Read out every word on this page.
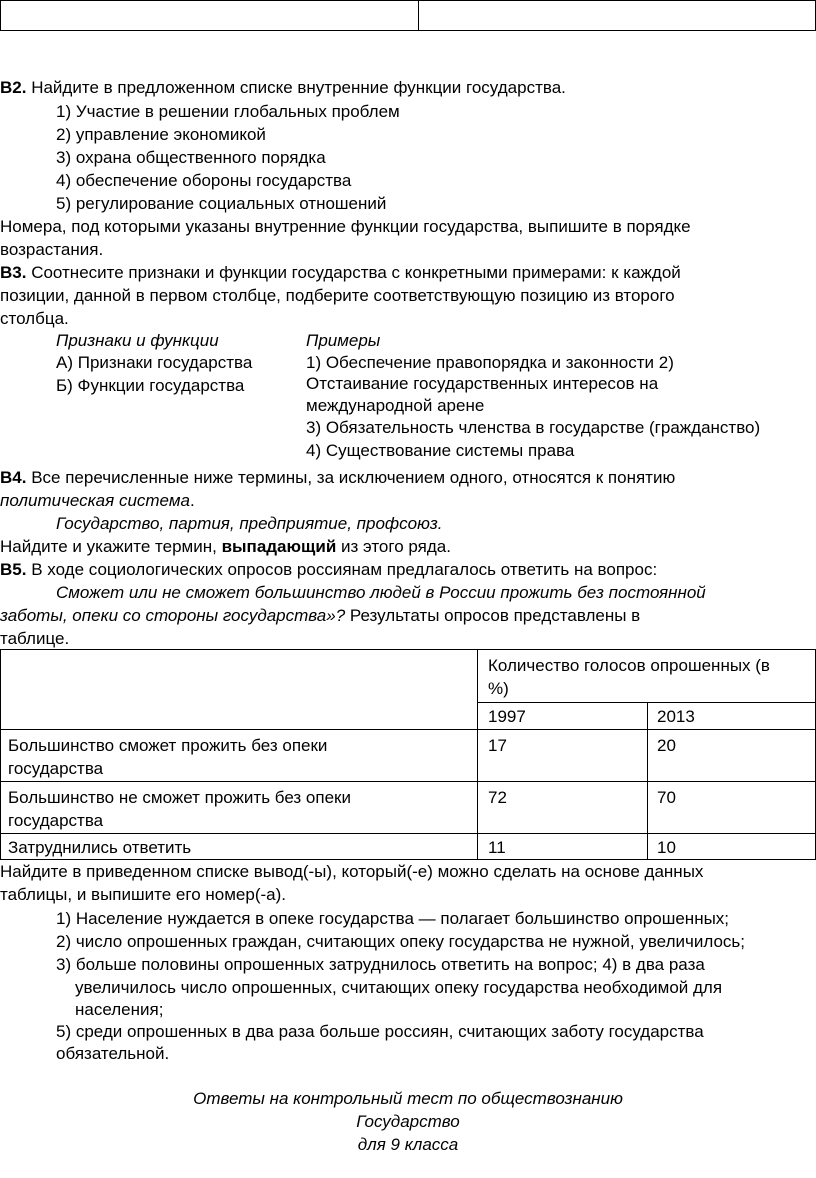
В2. Найдите в предложенном списке внутренние функции государства.
1) Участие в решении глобальных проблем
2) управление экономикой
3) охрана общественного порядка
4) обеспечение обороны государства
5) регулирование социальных отношений
Номера, под которыми указаны внутренние функции государства, выпишите в порядке
возрастания.
В3. Соотнесите признаки и функции государства с конкретными примерами: к каждой
позиции, данной в первом столбце, подберите соответствующую позицию из второго
столбца.
Признаки и функции	Примеры
А) Признаки государства
Б) Функции государства
1) Обеспечение правопорядка и законности 2)
Отстаивание государственных интересов на
международной арене
3) Обязательность членства в государстве (гражданство)
4) Существование системы права
В4. Все перечисленные ниже термины, за исключением одного, относятся к понятию
политическая система.
Государство, партия, предприятие, профсоюз.
Найдите и укажите термин, выпадающий из этого ряда.
В5. В ходе социологических опросов россиянам предлагалось ответить на вопрос:
Сможет или не сможет большинство людей в России прожить без постоянной
заботы, опеки со стороны государства»? Результаты опросов представлены в
таблице.
Количество голосов опрошенных (в
%)
1997	2013
Большинство сможет прожить без опеки
государства
17	20
Большинство не сможет прожить без опеки
государства
72	70
Затруднились ответить	11	10
Найдите в приведенном списке вывод(-ы), который(-е) можно сделать на основе данных
таблицы, и выпишите его номер(-а).
1) Население нуждается в опеке государства — полагает большинство опрошенных;
2) число опрошенных граждан, считающих опеку государства не нужной, увеличилось;
3) больше половины опрошенных затруднилось ответить на вопрос; 4) в два раза
увеличилось число опрошенных, считающих опеку государства необходимой для
населения;
5) среди опрошенных в два раза больше россиян, считающих заботу государства
обязательной.
Ответы на контрольный тест по обществознанию
Государство
для 9 класса
